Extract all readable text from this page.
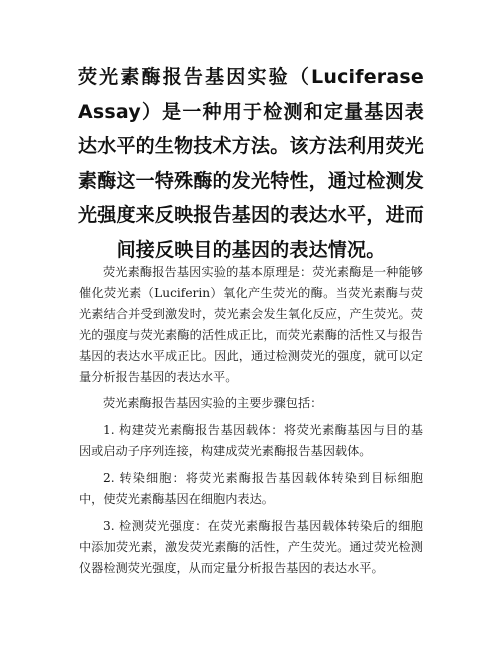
荧光素酶报告基因实验（Luciferase Assay）是一种用于检测和定量基因表达水平的生物技术方法。该方法利用荧光素酶这一特殊酶的发光特性，通过检测发光强度来反映报告基因的表达水平，进而间接反映目的基因的表达情况。

荧光素酶报告基因实验的基本原理是：荧光素酶是一种能够催化荧光素（Luciferin）氧化产生荧光的酶。当荧光素酶与荧光素结合并受到激发时，荧光素会发生氧化反应，产生荧光。荧光的强度与荧光素酶的活性成正比，而荧光素酶的活性又与报告基因的表达水平成正比。因此，通过检测荧光的强度，就可以定量分析报告基因的表达水平。

荧光素酶报告基因实验的主要步骤包括：

1. 构建荧光素酶报告基因载体：将荧光素酶基因与目的基因或启动子序列连接，构建成荧光素酶报告基因载体。

2. 转染细胞：将荧光素酶报告基因载体转染到目标细胞中，使荧光素酶基因在细胞内表达。

3. 检测荧光强度：在荧光素酶报告基因载体转染后的细胞中添加荧光素，激发荧光素酶的活性，产生荧光。通过荧光检测仪器检测荧光强度，从而定量分析报告基因的表达水平。
